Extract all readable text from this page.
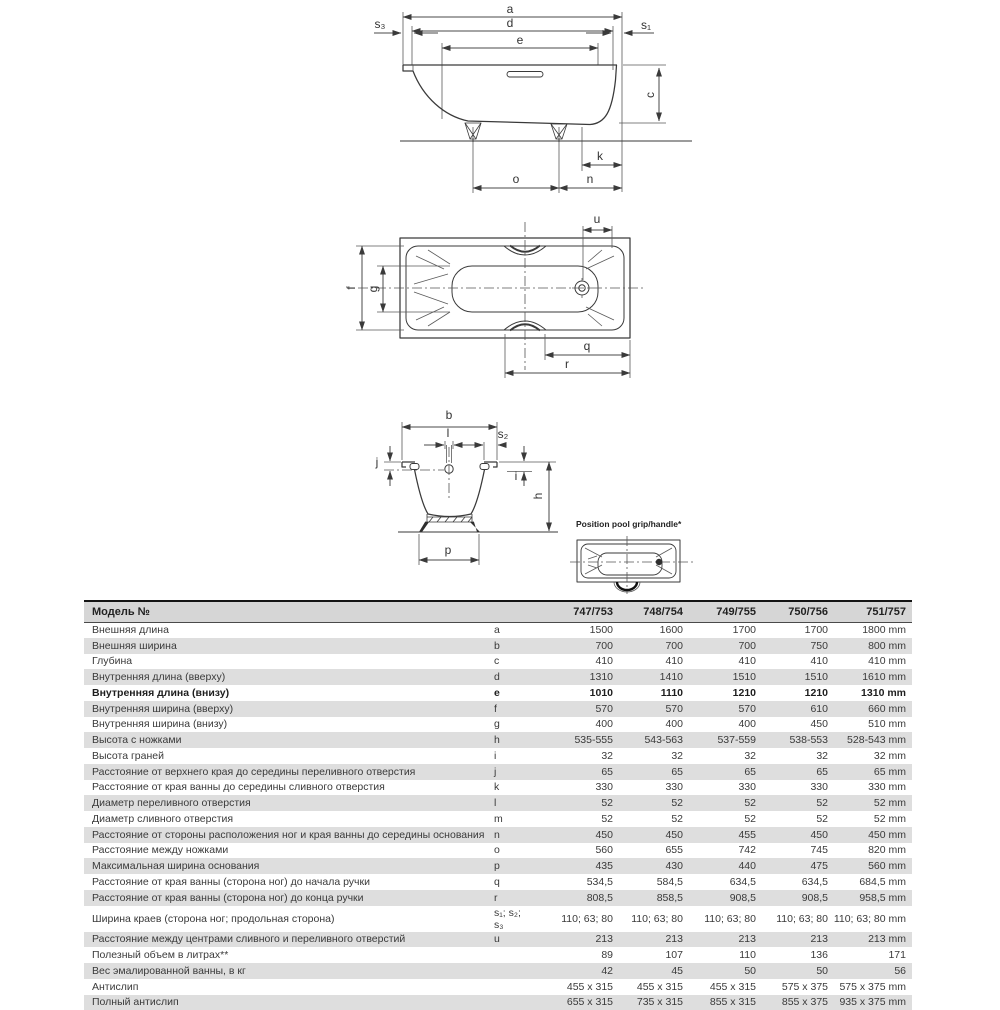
a
d
e
s₃	s₁
c
k
o	n
u
f g
q
r
b
l	s₂
j
i
h
p
Position pool grip/handle*
Модель №		747/753	748/754	749/755	750/756	751/757
Внешняя длина	a	1500	1600	1700	1700	1800 mm
Внешняя ширина	b	700	700	700	750	800 mm
Глубина	c	410	410	410	410	410 mm
Внутренняя длина (вверху)	d	1310	1410	1510	1510	1610 mm
Внутренняя длина (внизу)	e	1010	1110	1210	1210	1310 mm
Внутренняя ширина (вверху)	f	570	570	570	610	660 mm
Внутренняя ширина (внизу)	g	400	400	400	450	510 mm
Высота с ножками	h	535-555	543-563	537-559	538-553	528-543 mm
Высота граней	i	32	32	32	32	32 mm
Расстояние от верхнего края до середины переливного отверстия	j	65	65	65	65	65 mm
Расстояние от края ванны до середины сливного отверстия	k	330	330	330	330	330 mm
Диаметр переливного отверстия	l	52	52	52	52	52 mm
Диаметр сливного отверстия	m	52	52	52	52	52 mm
Расстояние от стороны расположения ног и края ванны до середины основания	n	450	450	455	450	450 mm
Расстояние между ножками	o	560	655	742	745	820 mm
Максимальная ширина основания	p	435	430	440	475	560 mm
Расстояние от края ванны (сторона ног) до начала ручки	q	534,5	584,5	634,5	634,5	684,5 mm
Расстояние от края ванны (сторона ног) до конца ручки	r	808,5	858,5	908,5	908,5	958,5 mm
Ширина краев (сторона ног; продольная сторона)	s₁; s₂; s₃	110; 63; 80	110; 63; 80	110; 63; 80	110; 63; 80	110; 63; 80 mm
Расстояние между центрами сливного и переливного отверстий	u	213	213	213	213	213 mm
Полезный объем в литрах**		89	107	110	136	171
Вес эмалированной ванны, в кг		42	45	50	50	56
Антислип		455 x 315	455 x 315	455 x 315	575 x 375	575 x 375 mm
Полный антислип		655 x 315	735 x 315	855 x 315	855 x 375	935 x 375 mm
